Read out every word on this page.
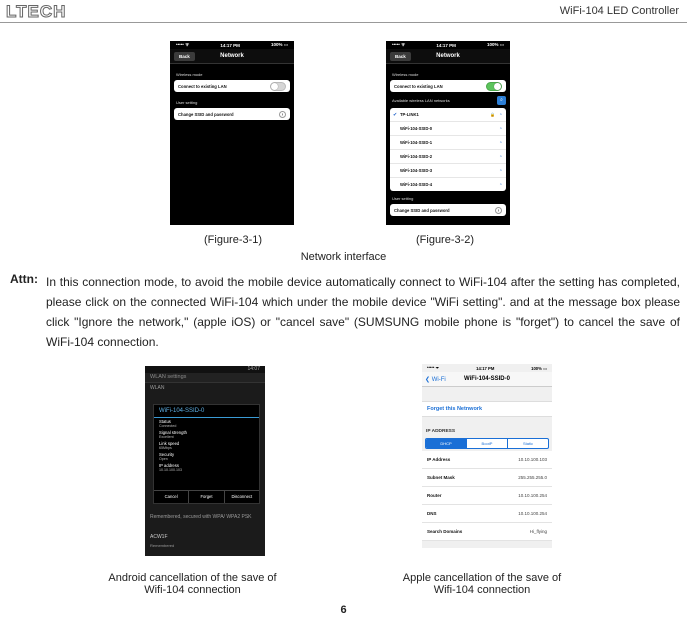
LTECH	WiFi-104 LED Controller
••••• ᯤ	14:17 PM	100% ▭
Back	Network
Wireless mode
Connect to existing LAN
User setting
Change SSID and password	›
••••• ᯤ	14:17 PM	100% ▭
Back	Network
Wireless mode
Connect to existing LAN
Available wireless LAN networks	⌕
✔ TP-LINK1	🔒 ◔
WiFi-104-SSID-0	◔
WiFi-104-SSID-1	◔
WiFi-104-SSID-2	◔
WiFi-104-SSID-3	◔
WiFi-104-SSID-4	◔
User setting
Change SSID and password	›
(Figure-3-1)	(Figure-3-2)
Network interface
Attn: In this connection mode, to avoid the mobile device automatically connect to WiFi-104 after the setting has completed, please click on the connected WiFi-104 which under the mobile device "WiFi setting". and at the message box please click "Ignore the network," (apple iOS) or "cancel save" (SUMSUNG mobile phone is "forget") to cancel the save of WiFi-104 connection.
14:07
WLAN settings
WLAN
WiFi-104-SSID-0
Status
Connected
Signal strength
Excellent
Link speed
65Mbps
Security
Open
IP address
10.10.100.103
Cancel	Forget	Disconnect
Remembered, secured with WPA/ WPA2 PSK
ACW1F
Remembered
••••• ᯤ	14:17 PM	100% ▭
❮ Wi-Fi	WiFi-104-SSID-0
Forget this Netnwork
IP ADDRESS
DHCP	BootP	Static
IP Address	10.10.100.103
Subnet Mask	255.255.255.0
Router	10.10.100.254
DNS	10.10.100.254
Search Domains	Hi_flying
Android cancellation of the save of
Wifi-104 connection
Apple cancellation of the save of
Wifi-104 connection
6
